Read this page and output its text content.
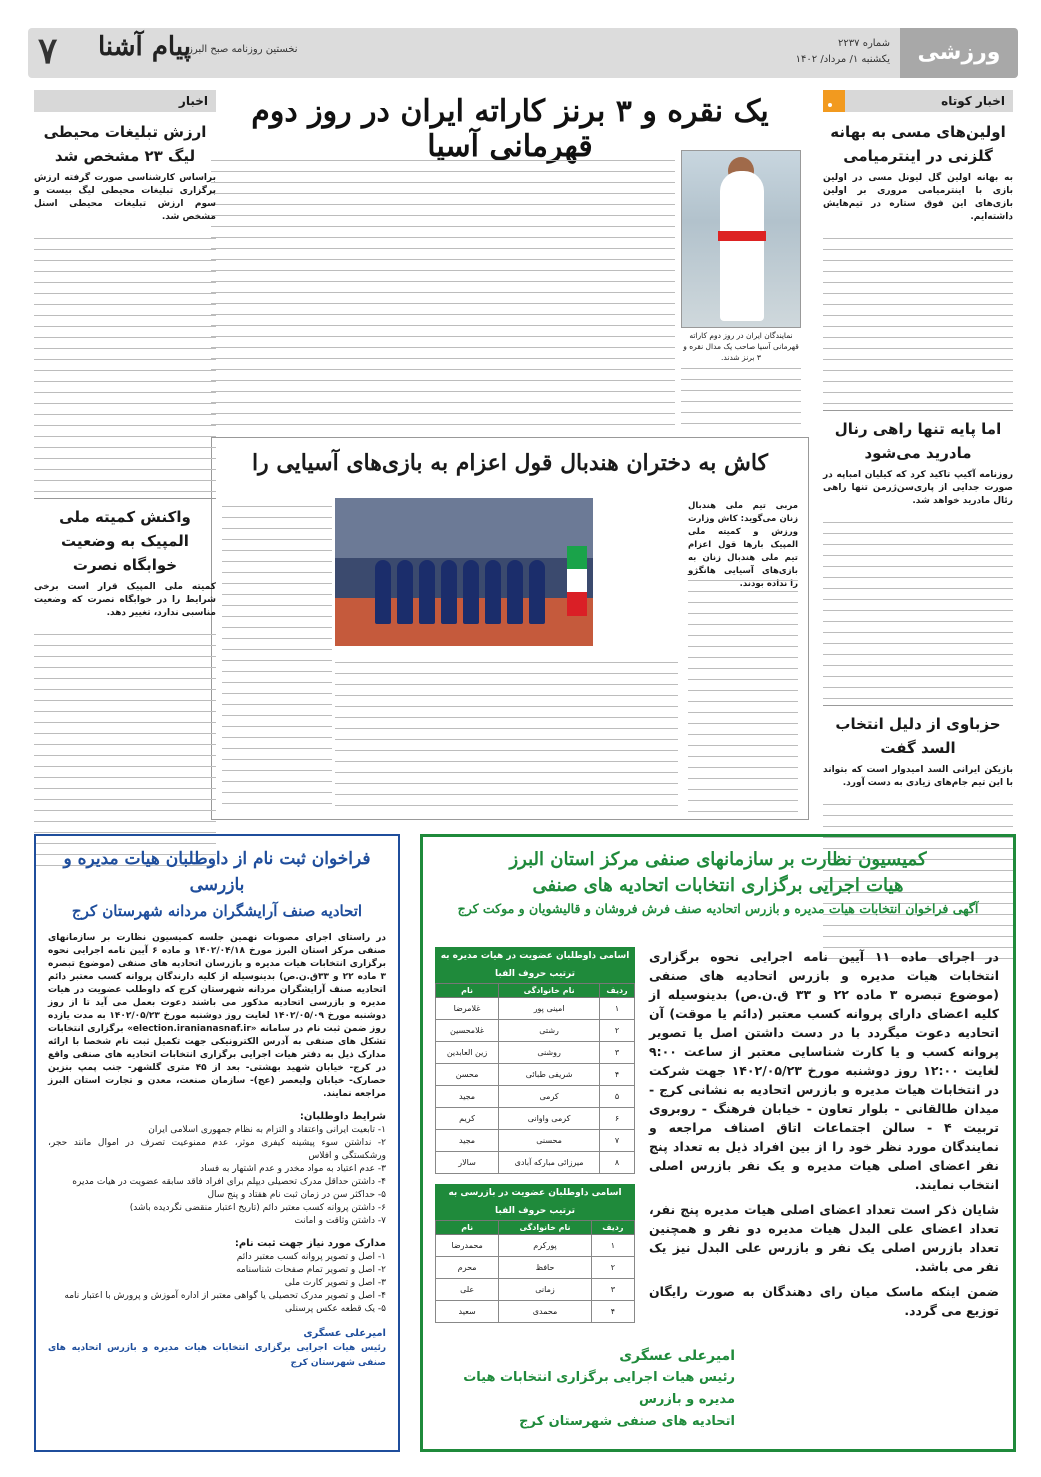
ورزشی
شماره ۲۲۳۷
یکشنبه ۱/ مرداد/ ۱۴۰۲
نخستین روزنامه صبح البرز
پیام آشنا
۷
اخبار کوتاه
اولین‌های مسی به بهانه گلزنی در اینترمیامی
به بهانه اولین گل لیونل مسی در اولین بازی با اینترمیامی مروری بر اولین بازی‌های این فوق ستاره در تیم‌هایش داشته‌ایم.
اما پایه تنها راهی رنال مادرید می‌شود
روزنامه آکیپ تاکید کرد که کیلیان امباپه در صورت جدایی از پاری‌سن‌ژرمن تنها راهی رئال مادرید خواهد شد.
حزباوی از دلیل انتخاب السد گفت
بازیکن ایرانی السد امیدوار است که بتواند با این تیم جام‌های زیادی به دست آورد.
یک نقره و ۳ برنز کاراته ایران در روز دوم قهرمانی آسیا
نمایندگان ایران در روز دوم کاراته قهرمانی آسیا صاحب یک مدال نقره و ۳ برنز شدند.
کاش به دختران هندبال قول اعزام به بازی‌های آسیایی را
مربی تیم ملی هندبال زنان می‌گوید: کاش وزارت ورزش و کمیته ملی المپیک بارها قول اعزام تیم ملی هندبال زنان به بازی‌های آسیایی هانگژو را نداده بودند.
اخبار
ارزش تبلیغات محیطی لیگ ۲۳ مشخص شد
براساس کارشناسی صورت گرفته ارزش برگزاری تبلیغات محیطی لیگ بیست و سوم ارزش تبلیغات محیطی اسنل مشخص شد.
واکنش کمیته ملی المپیک به وضعیت خوابگاه نصرت
کمیته ملی المپیک قرار است برخی شرایط را در خوابگاه نصرت که وضعیت مناسبی ندارد، تغییر دهد.
فراخوان ثبت نام از داوطلبان هیات مدیره و بازرسی
اتحادیه صنف آرایشگران مردانه شهرستان کرج
در راستای اجرای مصوبات نهمین جلسه کمیسیون نظارت بر سازمانهای صنفی مرکز استان البرز مورخ ۱۴۰۲/۰۴/۱۸ و ماده ۶ آیین نامه اجرایی نحوه برگزاری انتخابات هیات مدیره و بازرسان اتحادیه های صنفی (موضوع تبصره ۳ ماده ۲۲ و ۳۳ق.ن.ص) بدینوسیله از کلیه دارندگان پروانه کسب معتبر دائم اتحادیه صنف آرایشگران مردانه شهرستان کرج که داوطلب عضویت در هیات مدیره و بازرسی اتحادیه مذکور می باشند دعوت بعمل می آید تا از روز دوشنبه مورخ ۱۴۰۲/۰۵/۰۹ لغایت روز دوشنبه مورخ ۱۴۰۲/۰۵/۲۳ به مدت یازده روز ضمن ثبت نام در سامانه «election.iranianasnaf.ir» برگزاری انتخابات تشکل های صنفی به آدرس الکترونیکی جهت تکمیل ثبت نام شخصا با ارائه مدارک ذیل به دفتر هیات اجرایی برگزاری انتخابات اتحادیه های صنفی واقع در کرج- خیابان شهید بهشتی- بعد از ۴۵ متری گلشهر- جنب پمپ بنزین حصارک- خیابان ولیعصر (عج)- سازمان صنعت، معدن و تجارت استان البرز مراجعه نمایند.
شرایط داوطلبان:
۱- تابعیت ایرانی واعتقاد و التزام به نظام جمهوری اسلامی ایران
۲- نداشتن سوء پیشینه کیفری موثر، عدم ممنوعیت تصرف در اموال مانند حجر، ورشکستگی و افلاس
۳- عدم اعتیاد به مواد مخدر و عدم اشتهار به فساد
۴- داشتن حداقل مدرک تحصیلی دیپلم برای افراد فاقد سابقه عضویت در هیات مدیره
۵- حداکثر سن در زمان ثبت نام هفتاد و پنج سال
۶- داشتن پروانه کسب معتبر دائم (تاریخ اعتبار منقضی نگردیده باشد)
۷- داشتن وثاقت و امانت
مدارک مورد نیاز جهت ثبت نام:
۱- اصل و تصویر پروانه کسب معتبر دائم
۲- اصل و تصویر تمام صفحات شناسنامه
۳- اصل و تصویر کارت ملی
۴- اصل و تصویر مدرک تحصیلی یا گواهی معتبر از اداره آموزش و پرورش با اعتبار نامه
۵- یک قطعه عکس پرسنلی
امیرعلی عسگری
رئیس هیات اجرایی برگزاری انتخابات هیات مدیره و بازرس اتحادیه های صنفی شهرستان کرج
کمیسیون نظارت بر سازمانهای صنفی مرکز استان البرز
هیات اجرایی برگزاری انتخابات اتحادیه های صنفی
آگهی فراخوان انتخابات هیات مدیره و بازرس اتحادیه صنف فرش فروشان و قالیشویان و موکت کرج
اسامی داوطلبان عضویت در هیات مدیره به ترتیب حروف الفبا
ردیف	نام خانوادگی	نام
۱	امینی پور	غلامرضا
۲	رشتی	غلامحسین
۳	روشنی	زین العابدین
۴	شریفی طبائی	محسن
۵	کرمی	مجید
۶	کرمی واوانی	کریم
۷	محسنی	مجید
۸	میرزائی مبارکه آبادی	سالار
اسامی داوطلبان عضویت در بازرسی به ترتیب حروف الفبا
ردیف	نام خانوادگی	نام
۱	پورکرم	محمدرضا
۲	حافظ	محرم
۳	زمانی	علی
۴	محمدی	سعید
در اجرای ماده ۱۱ آیین نامه اجرایی نحوه برگزاری انتخابات هیات مدیره و بازرس اتحادیه های صنفی (موضوع تبصره ۳ ماده ۲۲ و ۳۳ ق.ن.ص) بدینوسیله از کلیه اعضای دارای پروانه کسب معتبر (دائم یا موقت) آن اتحادیه دعوت میگردد با در دست داشتن اصل یا تصویر پروانه کسب و یا کارت شناسایی معتبر از ساعت ۹:۰۰ لغایت ۱۲:۰۰ روز دوشنبه مورخ ۱۴۰۲/۰۵/۲۳ جهت شرکت در انتخابات هیات مدیره و بازرس اتحادیه به نشانی کرج - میدان طالقانی - بلوار تعاون - خیابان فرهنگ - روبروی تربیت ۴ - سالن اجتماعات اتاق اصناف مراجعه و نمایندگان مورد نظر خود را از بین افراد ذیل به تعداد پنج نفر اعضای اصلی هیات مدیره و یک نفر بازرس اصلی انتخاب نمایند.
شایان ذکر است تعداد اعضای اصلی هیات مدیره پنج نفر، تعداد اعضای علی البدل هیات مدیره دو نفر و همچنین تعداد بازرس اصلی یک نفر و بازرس علی البدل نیز یک نفر می باشد.
ضمن اینکه ماسک میان رای دهندگان به صورت رایگان توزیع می گردد.
امیرعلی عسگری
رئیس هیات اجرایی برگزاری انتخابات هیات مدیره و بازرس
اتحادیه های صنفی شهرستان کرج
